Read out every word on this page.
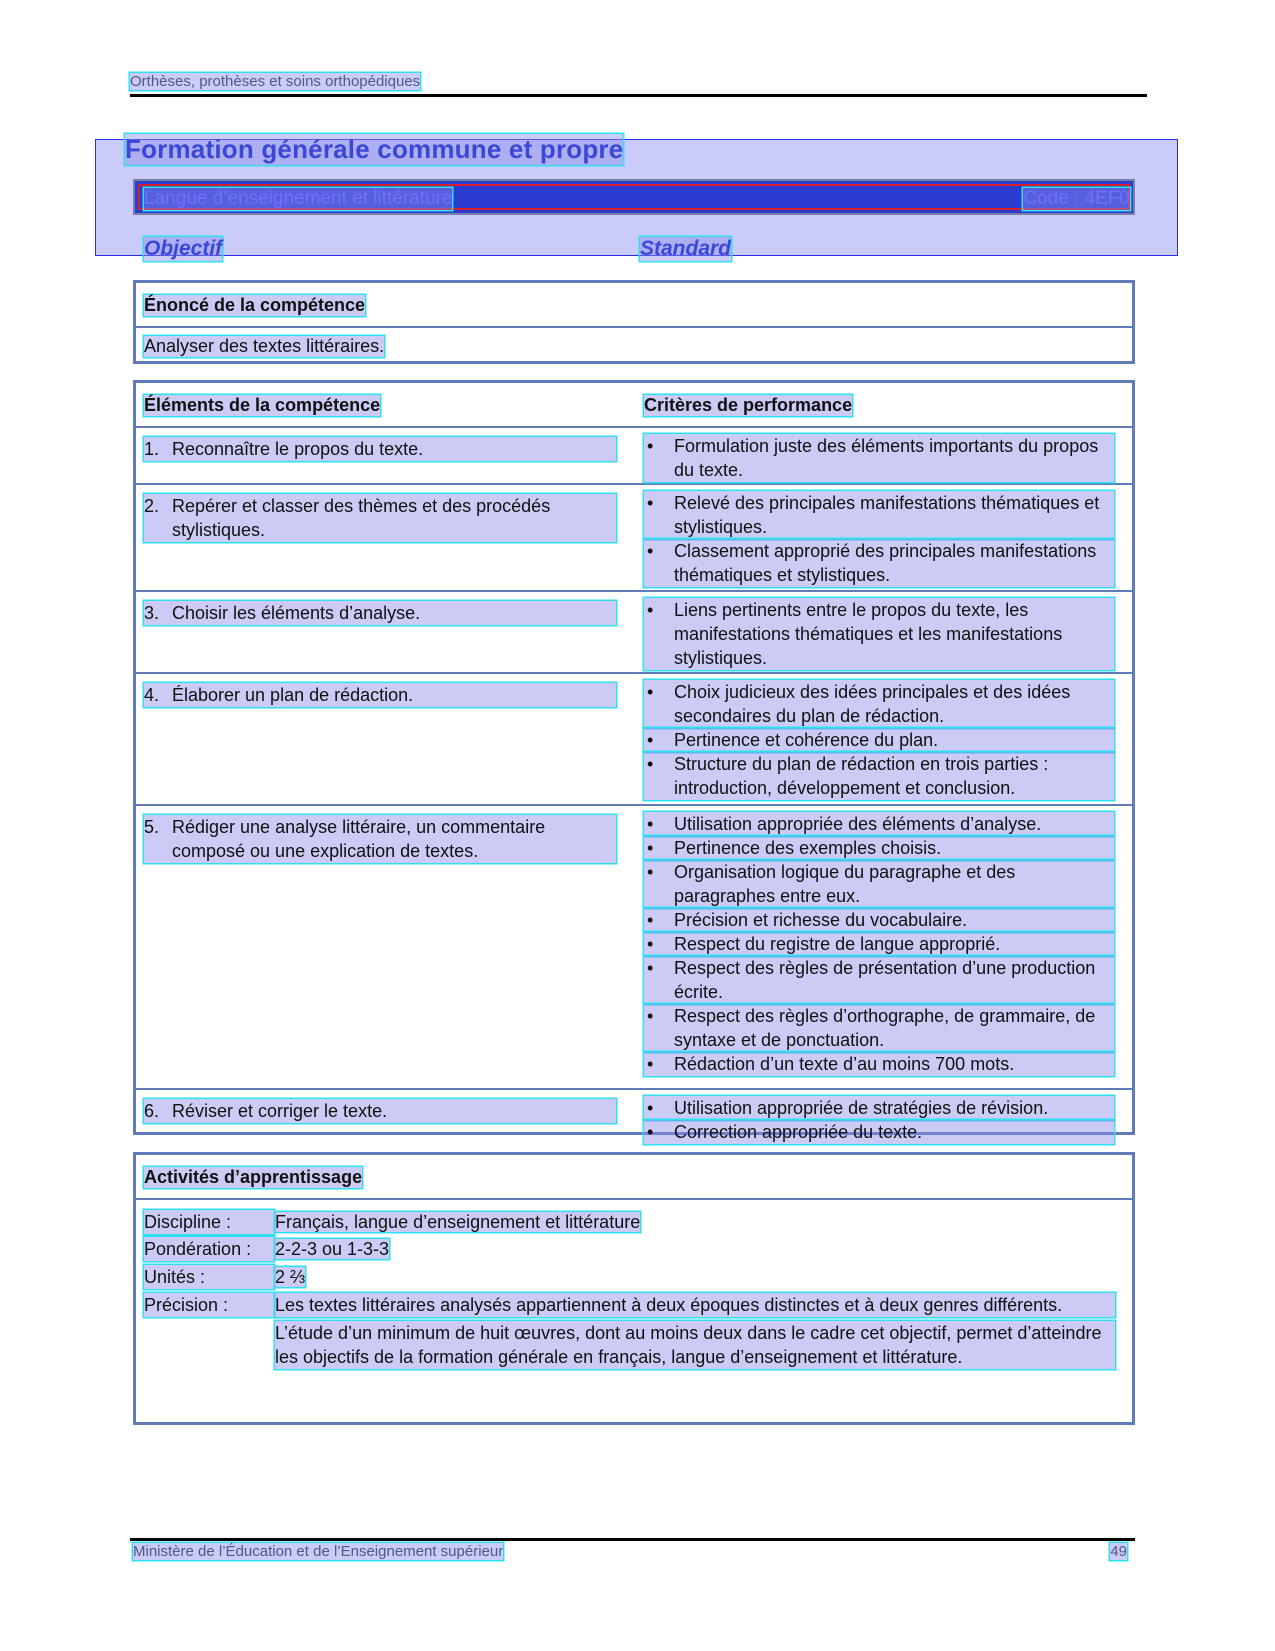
Orthèses, prothèses et soins orthopédiques
Formation générale commune et propre
Langue d’enseignement et littérature	Code : 4EF0
Objectif	Standard
Énoncé de la compétence
Analyser des textes littéraires.
Éléments de la compétence	Critères de performance
1. Reconnaître le propos du texte.	• Formulation juste des éléments importants du propos du texte.
2. Repérer et classer des thèmes et des procédés stylistiques.
• Relevé des principales manifestations thématiques et stylistiques.
• Classement approprié des principales manifestations thématiques et stylistiques.
3. Choisir les éléments d’analyse.	• Liens pertinents entre le propos du texte, les manifestations thématiques et les manifestations stylistiques.
4. Élaborer un plan de rédaction.	• Choix judicieux des idées principales et des idées secondaires du plan de rédaction.
• Pertinence et cohérence du plan.
• Structure du plan de rédaction en trois parties : introduction, développement et conclusion.
5. Rédiger une analyse littéraire, un commentaire composé ou une explication de textes.
• Utilisation appropriée des éléments d’analyse.
• Pertinence des exemples choisis.
• Organisation logique du paragraphe et des paragraphes entre eux.
• Précision et richesse du vocabulaire.
• Respect du registre de langue approprié.
• Respect des règles de présentation d’une production écrite.
• Respect des règles d’orthographe, de grammaire, de syntaxe et de ponctuation.
• Rédaction d’un texte d’au moins 700 mots.
6. Réviser et corriger le texte.	• Utilisation appropriée de stratégies de révision.
• Correction appropriée du texte.
Activités d’apprentissage
Discipline :	Français, langue d’enseignement et littérature
Pondération :	2-2-3 ou 1-3-3
Unités :	2 ⅔
Précision :	Les textes littéraires analysés appartiennent à deux époques distinctes et à deux genres différents.
L’étude d’un minimum de huit œuvres, dont au moins deux dans le cadre cet objectif, permet d’atteindre les objectifs de la formation générale en français, langue d’enseignement et littérature.
Ministère de l’Éducation et de l’Enseignement supérieur	49
